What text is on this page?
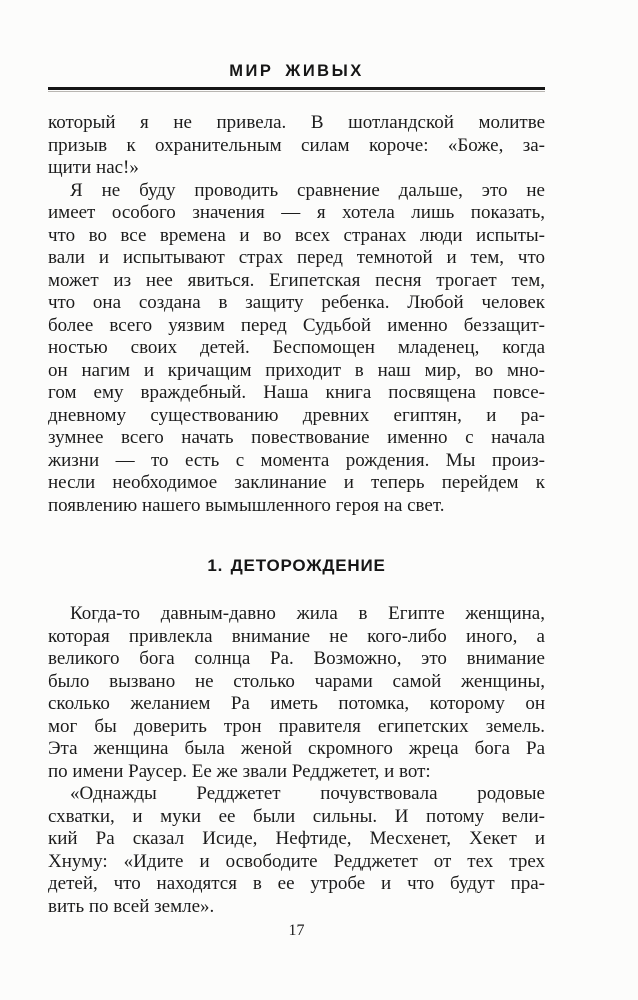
МИР ЖИВЫХ
который я не привела. В шотландской молитве
призыв к охранительным силам короче: «Боже, за-
щити нас!»
Я не буду проводить сравнение дальше, это не
имеет особого значения — я хотела лишь показать,
что во все времена и во всех странах люди испыты-
вали и испытывают страх перед темнотой и тем, что
может из нее явиться. Египетская песня трогает тем,
что она создана в защиту ребенка. Любой человек
более всего уязвим перед Судьбой именно беззащит-
ностью своих детей. Беспомощен младенец, когда
он нагим и кричащим приходит в наш мир, во мно-
гом ему враждебный. Наша книга посвящена повсе-
дневному существованию древних египтян, и ра-
зумнее всего начать повествование именно с начала
жизни — то есть с момента рождения. Мы произ-
несли необходимое заклинание и теперь перейдем к
появлению нашего вымышленного героя на свет.
1. ДЕТОРОЖДЕНИЕ
Когда-то давным-давно жила в Египте женщина,
которая привлекла внимание не кого-либо иного, а
великого бога солнца Ра. Возможно, это внимание
было вызвано не столько чарами самой женщины,
сколько желанием Ра иметь потомка, которому он
мог бы доверить трон правителя египетских земель.
Эта женщина была женой скромного жреца бога Ра
по имени Раусер. Ее же звали Редджетет, и вот:
«Однажды Редджетет почувствовала родовые
схватки, и муки ее были сильны. И потому вели-
кий Ра сказал Исиде, Нефтиде, Месхенет, Хекет и
Хнуму: «Идите и освободите Редджетет от тех трех
детей, что находятся в ее утробе и что будут пра-
вить по всей земле».
17
